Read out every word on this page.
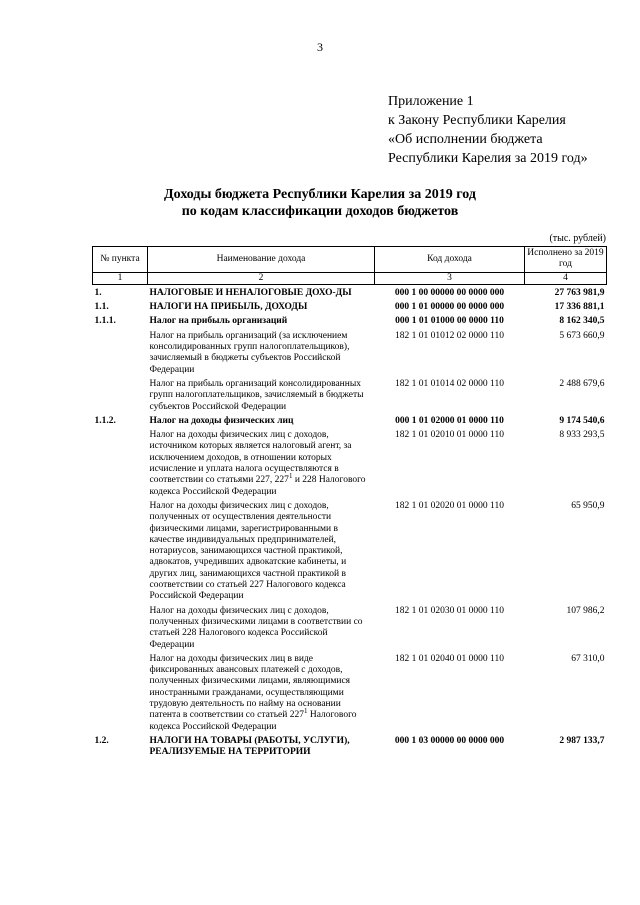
3
Приложение 1
к Закону Республики Карелия
«Об исполнении бюджета
Республики Карелия за 2019 год»
Доходы бюджета Республики Карелия за 2019 год
по кодам классификации доходов бюджетов
(тыс. рублей)
№ пункта	Наименование дохода	Код дохода	Исполнено за 2019 год
1	2	3	4
1.	НАЛОГОВЫЕ И НЕНАЛОГОВЫЕ ДОХО-ДЫ	000 1 00 00000 00 0000 000	27 763 981,9
1.1.	НАЛОГИ НА ПРИБЫЛЬ, ДОХОДЫ	000 1 01 00000 00 0000 000	17 336 881,1
1.1.1.	Налог на прибыль организаций	000 1 01 01000 00 0000 110	8 162 340,5
	Налог на прибыль организаций (за исключением консолидированных групп налогоплательщиков), зачисляемый в бюджеты субъектов Российской Федерации	182 1 01 01012 02 0000 110	5 673 660,9
	Налог на прибыль организаций консолидированных групп налогоплательщиков, зачисляемый в бюджеты субъектов Российской Федерации	182 1 01 01014 02 0000 110	2 488 679,6
1.1.2.	Налог на доходы физических лиц	000 1 01 02000 01 0000 110	9 174 540,6
	Налог на доходы физических лиц с доходов, источником которых является налоговый агент, за исключением доходов, в отношении которых исчисление и уплата налога осуществляются в соответствии со статьями 227, $227^1$ и 228 Налогового кодекса Российской Федерации	182 1 01 02010 01 0000 110	8 933 293,5
	Налог на доходы физических лиц с доходов, полученных от осуществления деятельности физическими лицами, зарегистрированными в качестве индивидуальных предпринимателей, нотариусов, занимающихся частной практикой, адвокатов, учредивших адвокатские кабинеты, и других лиц, занимающихся частной практикой в соответствии со статьей 227 Налогового кодекса Российской Федерации	182 1 01 02020 01 0000 110	65 950,9
	Налог на доходы физических лиц с доходов, полученных физическими лицами в соответствии со статьей 228 Налогового кодекса Российской Федерации	182 1 01 02030 01 0000 110	107 986,2
	Налог на доходы физических лиц в виде фиксированных авансовых платежей с доходов, полученных физическими лицами, являющимися иностранными гражданами, осуществляющими трудовую деятельность по найму на основании патента в соответствии со статьей $227^1$ Налогового кодекса Российской Федерации	182 1 01 02040 01 0000 110	67 310,0
1.2.	НАЛОГИ НА ТОВАРЫ (РАБОТЫ, УСЛУГИ), РЕАЛИЗУЕМЫЕ НА ТЕРРИТОРИИ	000 1 03 00000 00 0000 000	2 987 133,7
